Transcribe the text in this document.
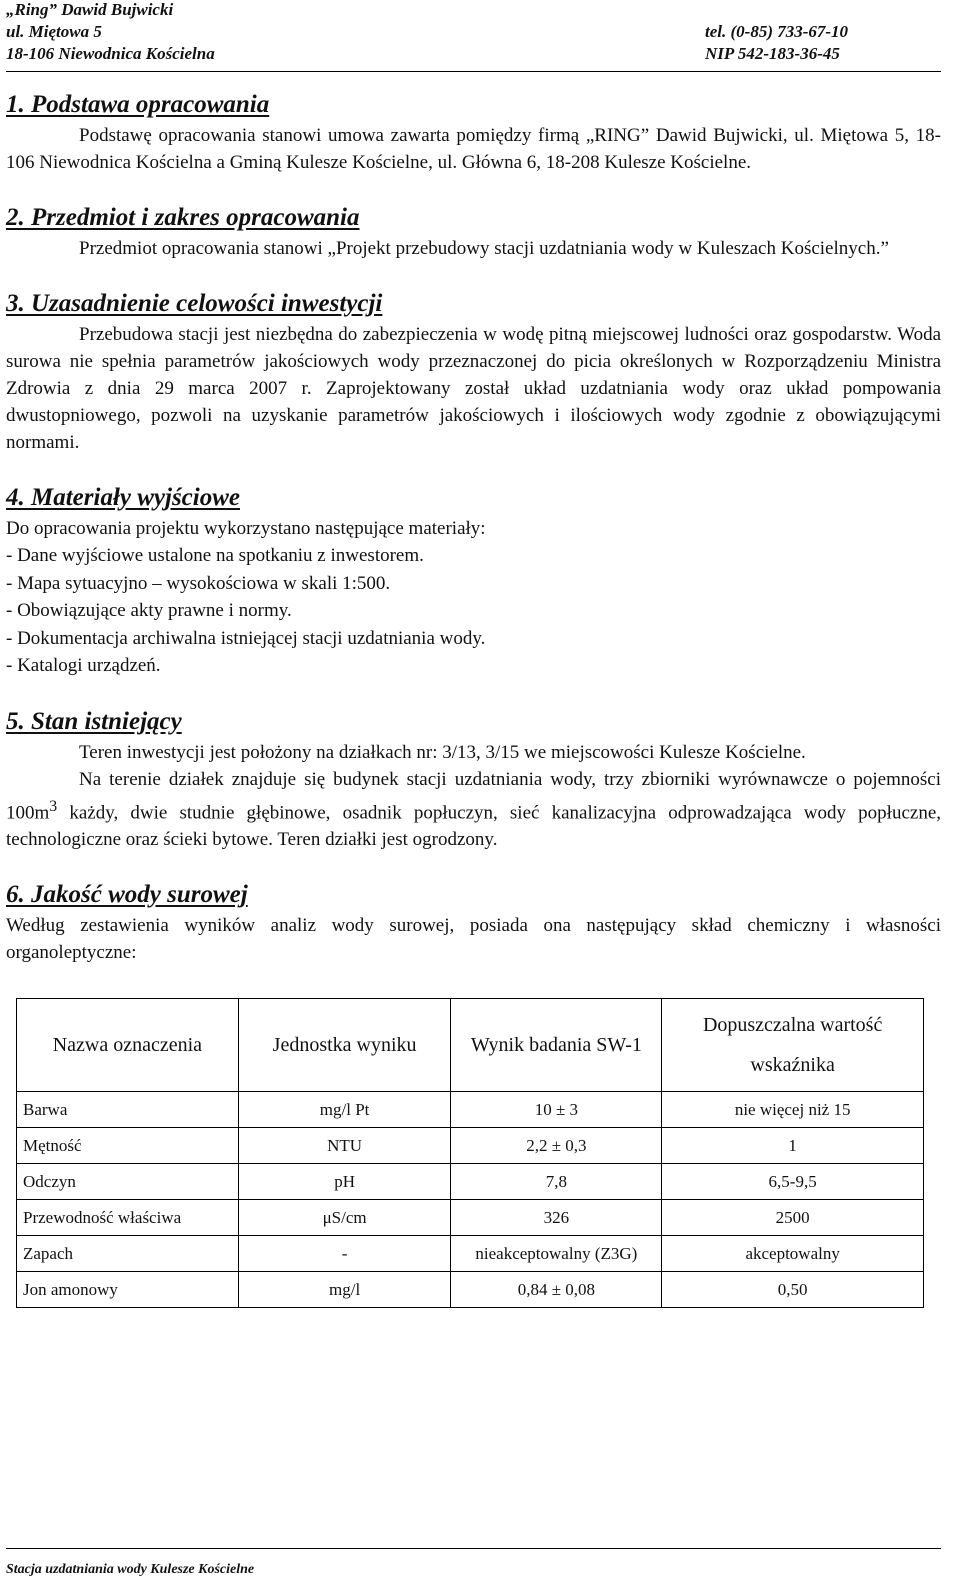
„Ring” Dawid Bujwicki
ul. Miętowa 5
18-106 Niewodnica Kościelna
tel. (0-85) 733-67-10
NIP 542-183-36-45
1. Podstawa opracowania

Podstawę opracowania stanowi umowa zawarta pomiędzy firmą „RING” Dawid Bujwicki, ul. Miętowa 5, 18-106 Niewodnica Kościelna a Gminą Kulesze Kościelne, ul. Główna 6, 18-208 Kulesze Kościelne.

2. Przedmiot i zakres opracowania

Przedmiot opracowania stanowi „Projekt przebudowy stacji uzdatniania wody w Kuleszach Kościelnych.”

3. Uzasadnienie celowości inwestycji

Przebudowa stacji jest niezbędna do zabezpieczenia w wodę pitną miejscowej ludności oraz gospodarstw. Woda surowa nie spełnia parametrów jakościowych wody przeznaczonej do picia określonych w Rozporządzeniu Ministra Zdrowia z dnia 29 marca 2007 r. Zaprojektowany został układ uzdatniania wody oraz układ pompowania dwustopniowego, pozwoli na uzyskanie parametrów jakościowych i ilościowych wody zgodnie z obowiązującymi normami.

4. Materiały wyjściowe

Do opracowania projektu wykorzystano następujące materiały:

- Dane wyjściowe ustalone na spotkaniu z inwestorem.
- Mapa sytuacyjno – wysokościowa w skali 1:500.
- Obowiązujące akty prawne i normy.
- Dokumentacja archiwalna istniejącej stacji uzdatniania wody.
- Katalogi urządzeń.
5. Stan istniejący

Teren inwestycji jest położony na działkach nr: 3/13, 3/15 we miejscowości Kulesze Kościelne.

Na terenie działek znajduje się budynek stacji uzdatniania wody, trzy zbiorniki wyrównawcze o pojemności $100m^3$ każdy, dwie studnie głębinowe, osadnik popłuczyn, sieć kanalizacyjna odprowadzająca wody popłuczne, technologiczne oraz ścieki bytowe. Teren działki jest ogrodzony.

6. Jakość wody surowej

Według zestawienia wyników analiz wody surowej, posiada ona następujący skład chemiczny i własności organoleptyczne:

Nazwa oznaczenia	Jednostka wyniku	Wynik badania SW-1	Dopuszczalna wartość wskaźnika
Barwa	mg/l Pt	10 ± 3	nie więcej niż 15
Mętność	NTU	2,2 ± 0,3	1
Odczyn	pH	7,8	6,5-9,5
Przewodność właściwa	μS/cm	326	2500
Zapach	-	nieakceptowalny (Z3G)	akceptowalny
Jon amonowy	mg/l	0,84 ± 0,08	0,50
Stacja uzdatniania wody Kulesze Kościelne
